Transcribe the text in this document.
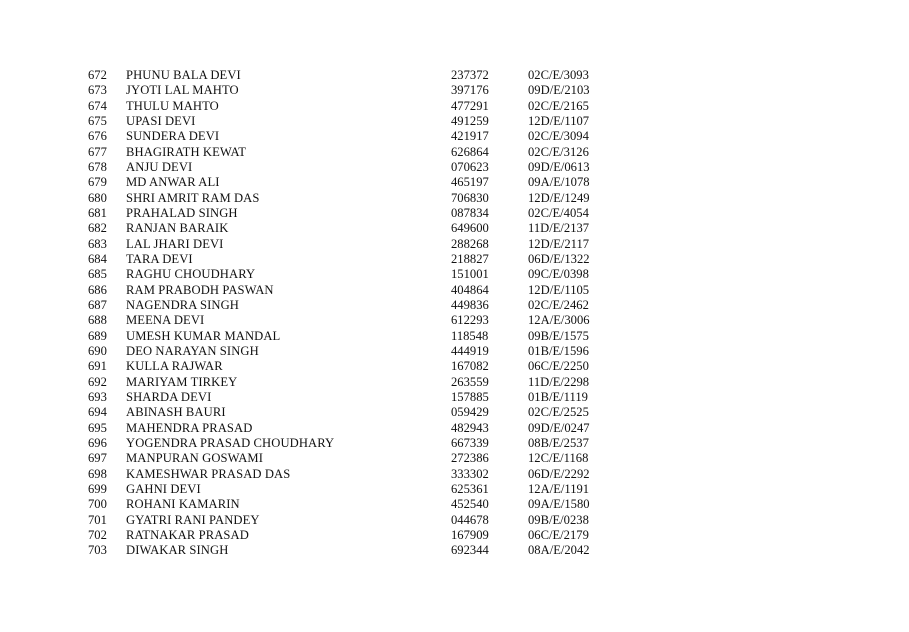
672 PHUNU BALA DEVI	237372	02C/E/3093
673 JYOTI LAL MAHTO	397176	09D/E/2103
674 THULU MAHTO	477291	02C/E/2165
675 UPASI DEVI	491259	12D/E/1107
676 SUNDERA DEVI	421917	02C/E/3094
677 BHAGIRATH KEWAT	626864	02C/E/3126
678 ANJU DEVI	070623	09D/E/0613
679 MD ANWAR ALI	465197	09A/E/1078
680 SHRI AMRIT RAM DAS	706830	12D/E/1249
681 PRAHALAD SINGH	087834	02C/E/4054
682 RANJAN BARAIK	649600	11D/E/2137
683 LAL JHARI DEVI	288268	12D/E/2117
684 TARA DEVI	218827	06D/E/1322
685 RAGHU CHOUDHARY	151001	09C/E/0398
686 RAM PRABODH PASWAN	404864	12D/E/1105
687 NAGENDRA SINGH	449836	02C/E/2462
688 MEENA DEVI	612293	12A/E/3006
689 UMESH KUMAR MANDAL	118548	09B/E/1575
690 DEO NARAYAN SINGH	444919	01B/E/1596
691 KULLA RAJWAR	167082	06C/E/2250
692 MARIYAM TIRKEY	263559	11D/E/2298
693 SHARDA DEVI	157885	01B/E/1119
694 ABINASH BAURI	059429	02C/E/2525
695 MAHENDRA PRASAD	482943	09D/E/0247
696 YOGENDRA PRASAD CHOUDHARY	667339	08B/E/2537
697 MANPURAN GOSWAMI	272386	12C/E/1168
698 KAMESHWAR PRASAD DAS	333302	06D/E/2292
699 GAHNI DEVI	625361	12A/E/1191
700 ROHANI KAMARIN	452540	09A/E/1580
701 GYATRI RANI PANDEY	044678	09B/E/0238
702 RATNAKAR PRASAD	167909	06C/E/2179
703 DIWAKAR SINGH	692344	08A/E/2042
